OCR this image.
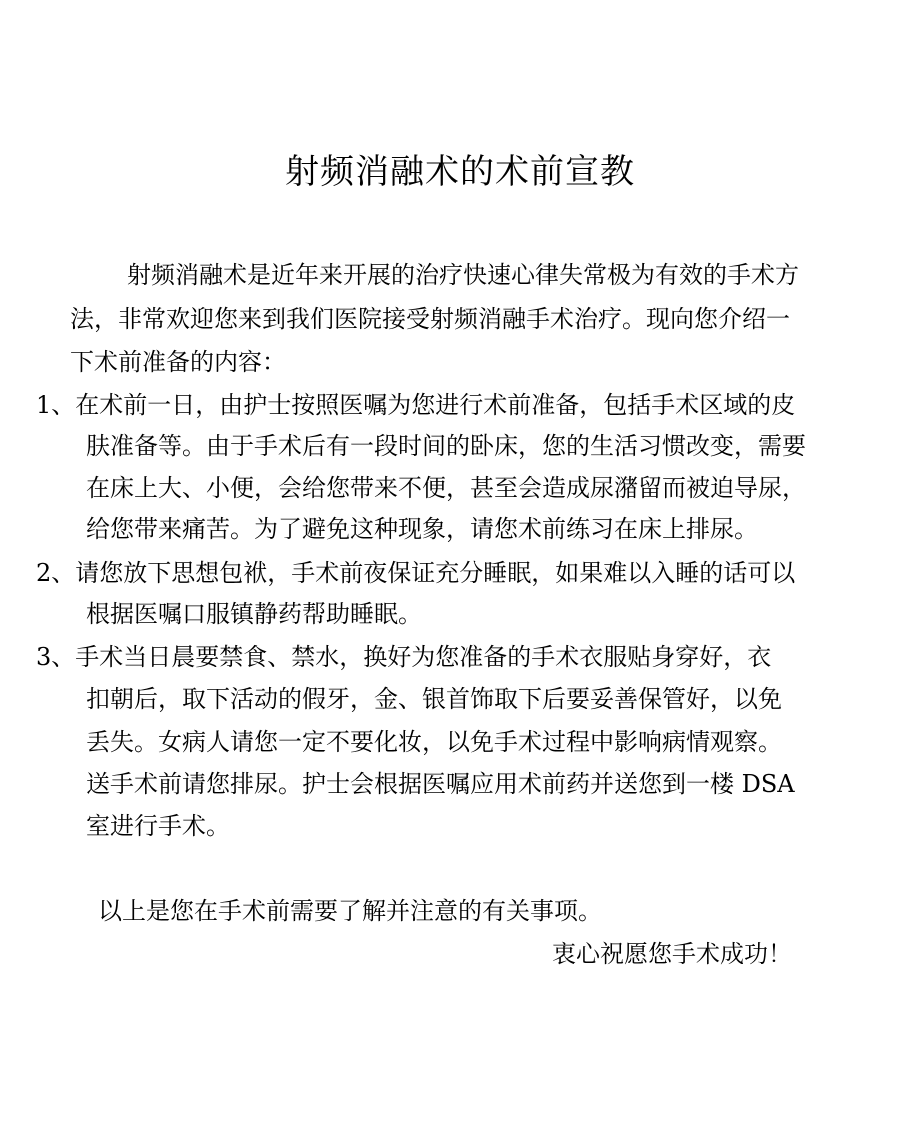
射频消融术的术前宣教
射频消融术是近年来开展的治疗快速心律失常极为有效的手术方
法，非常欢迎您来到我们医院接受射频消融手术治疗。现向您介绍一
下术前准备的内容：
1、在术前一日，由护士按照医嘱为您进行术前准备，包括手术区域的皮
肤准备等。由于手术后有一段时间的卧床，您的生活习惯改变，需要
在床上大、小便，会给您带来不便，甚至会造成尿潴留而被迫导尿，
给您带来痛苦。为了避免这种现象，请您术前练习在床上排尿。
2、请您放下思想包袱，手术前夜保证充分睡眠，如果难以入睡的话可以
根据医嘱口服镇静药帮助睡眠。
3、手术当日晨要禁食、禁水，换好为您准备的手术衣服贴身穿好，衣
扣朝后，取下活动的假牙，金、银首饰取下后要妥善保管好，以免
丢失。女病人请您一定不要化妆，以免手术过程中影响病情观察。
送手术前请您排尿。护士会根据医嘱应用术前药并送您到一楼 DSA
室进行手术。
以上是您在手术前需要了解并注意的有关事项。
衷心祝愿您手术成功！
